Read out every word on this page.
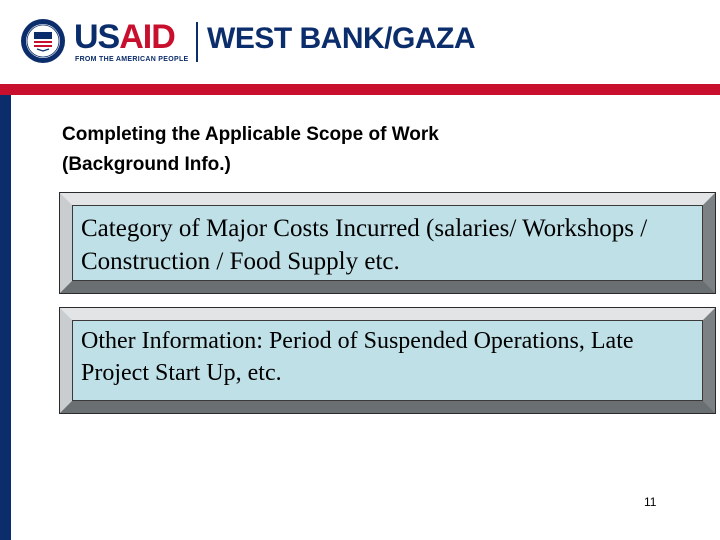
USAID
FROM THE AMERICAN PEOPLE
WEST BANK/GAZA
Completing the Applicable Scope of Work
(Background Info.)
Category of Major Costs Incurred (salaries/ Workshops / Construction / Food Supply etc.
Other Information: Period of Suspended Operations, Late Project Start Up, etc.
11
